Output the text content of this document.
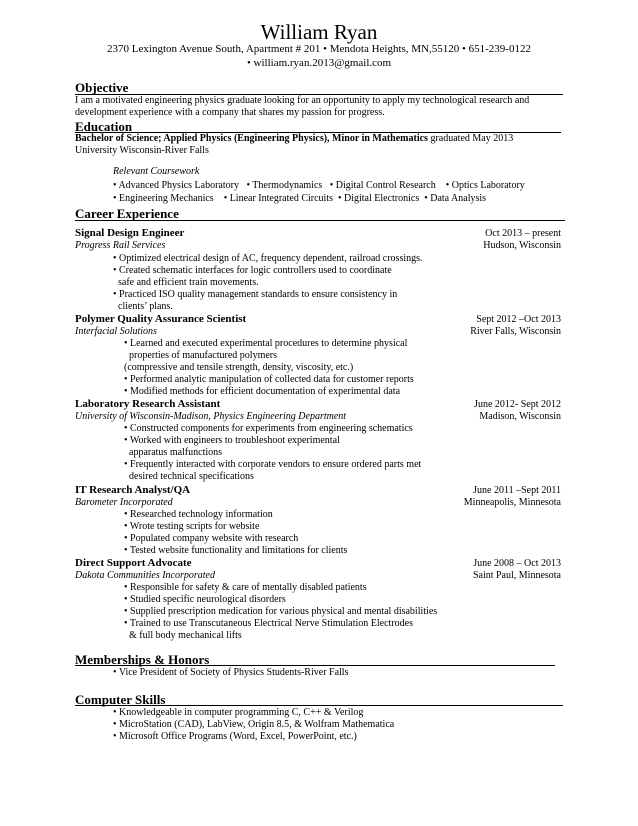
William Ryan
2370 Lexington Avenue South, Apartment # 201 • Mendota Heights, MN,55120 • 651-239-0122
• william.ryan.2013@gmail.com
Objective
I am a motivated engineering physics graduate looking for an opportunity to apply my technological research and
development experience with a company that shares my passion for progress.
Education
Bachelor of Science; Applied Physics (Engineering Physics), Minor in Mathematics graduated May 2013
University Wisconsin-River Falls
Relevant Coursework
• Advanced Physics Laboratory   • Thermodynamics   • Digital Control Research    • Optics Laboratory
• Engineering Mechanics    • Linear Integrated Circuits  • Digital Electronics  • Data Analysis
Career Experience
Signal Design Engineer	Oct 2013 – present
Progress Rail Services	Hudson, Wisconsin
• Optimized electrical design of AC, frequency dependent, railroad crossings.
• Created schematic interfaces for logic controllers used to coordinate
safe and efficient train movements.
• Practiced ISO quality management standards to ensure consistency in
clients’ plans.
Polymer Quality Assurance Scientist	Sept 2012 –Oct 2013
Interfacial Solutions	River Falls, Wisconsin
• Learned and executed experimental procedures to determine physical
properties of manufactured polymers
(compressive and tensile strength, density, viscosity, etc.)
• Performed analytic manipulation of collected data for customer reports
• Modified methods for efficient documentation of experimental data
Laboratory Research Assistant	June 2012- Sept 2012
University of Wisconsin-Madison, Physics Engineering Department	Madison, Wisconsin
• Constructed components for experiments from engineering schematics
• Worked with engineers to troubleshoot experimental
apparatus malfunctions
• Frequently interacted with corporate vendors to ensure ordered parts met
desired technical specifications
IT Research Analyst/QA	June 2011 –Sept 2011
Barometer Incorporated	Minneapolis, Minnesota
• Researched technology information
• Wrote testing scripts for website
• Populated company website with research
• Tested website functionality and limitations for clients
Direct Support Advocate	June 2008 – Oct 2013
Dakota Communities Incorporated	Saint Paul, Minnesota
• Responsible for safety & care of mentally disabled patients
• Studied specific neurological disorders
• Supplied prescription medication for various physical and mental disabilities
• Trained to use Transcutaneous Electrical Nerve Stimulation Electrodes
& full body mechanical lifts
Memberships & Honors
• Vice President of Society of Physics Students-River Falls
Computer Skills
• Knowledgeable in computer programming C, C++ & Verilog
• MicroStation (CAD), LabView, Origin 8.5, & Wolfram Mathematica
• Microsoft Office Programs (Word, Excel, PowerPoint, etc.)
